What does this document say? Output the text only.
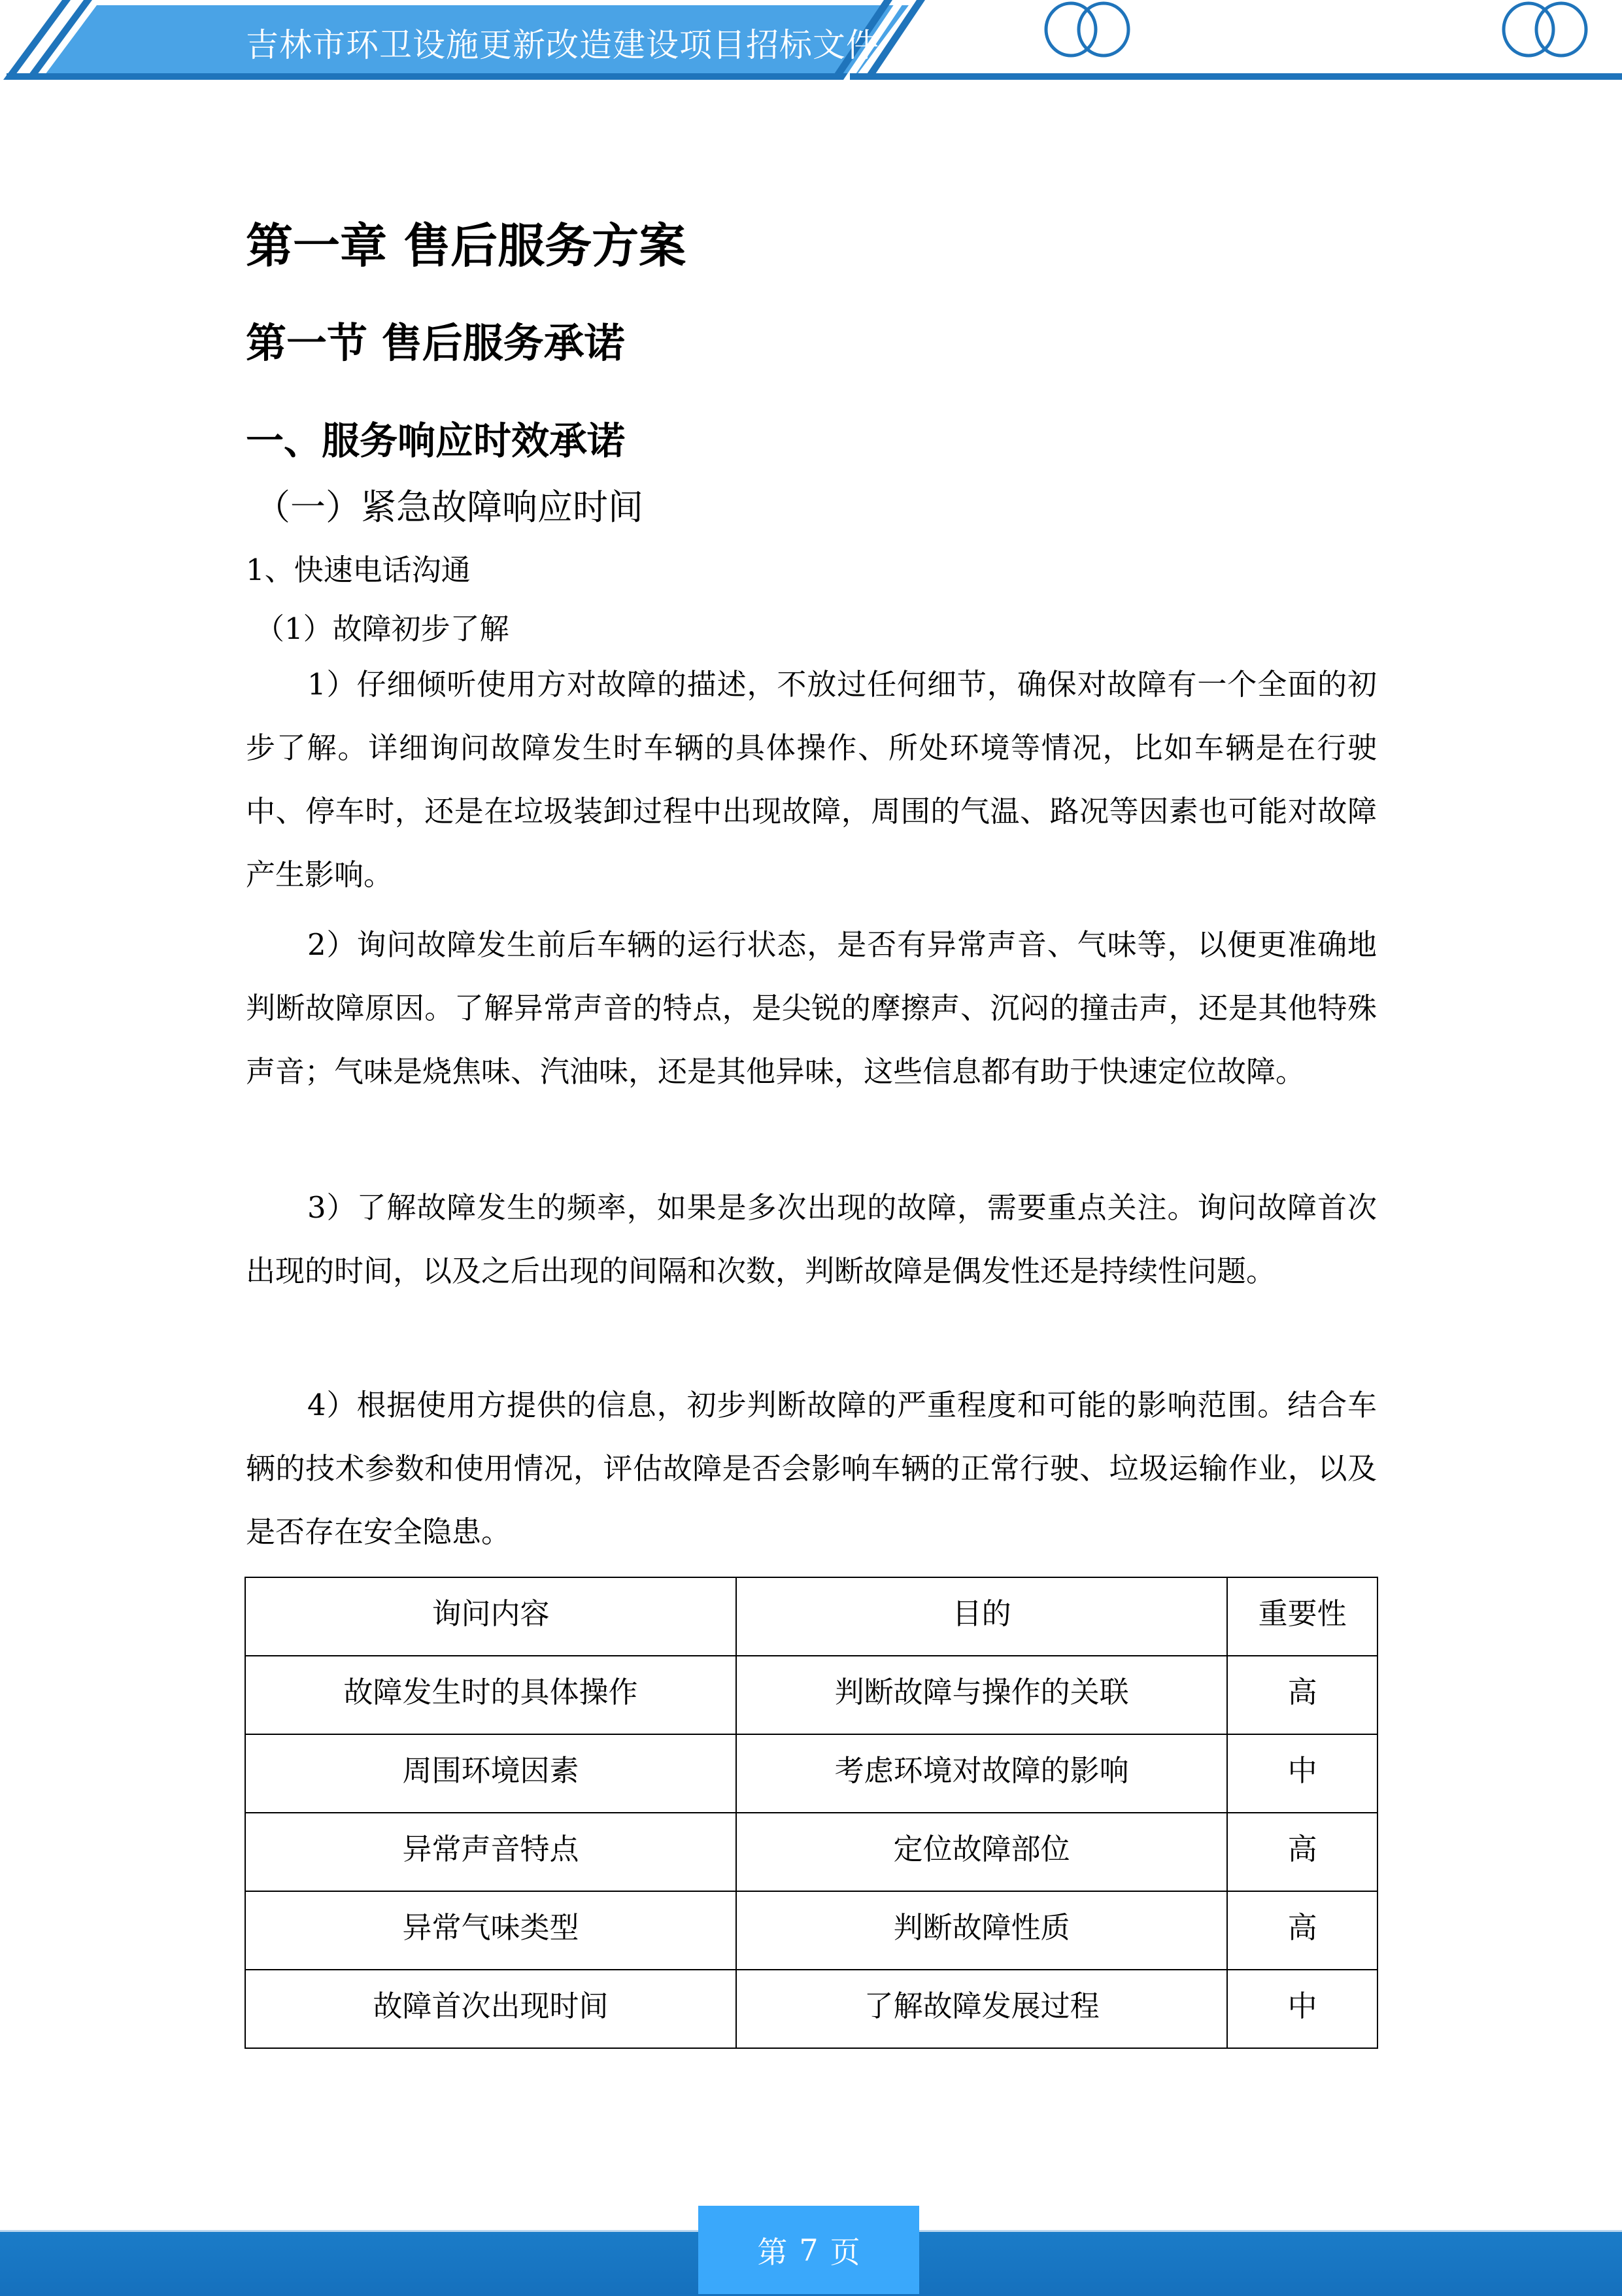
吉林市环卫设施更新改造建设项目招标文件
第一章 售后服务方案
第一节 售后服务承诺
一、服务响应时效承诺
（一）紧急故障响应时间
1、快速电话沟通
（1）故障初步了解

1）仔细倾听使用方对故障的描述，不放过任何细节，确保对故障有一个全面的初步了解。详细询问故障发生时车辆的具体操作、所处环境等情况，比如车辆是在行驶中、停车时，还是在垃圾装卸过程中出现故障，周围的气温、路况等因素也可能对故障产生影响。

2）询问故障发生前后车辆的运行状态，是否有异常声音、气味等，以便更准确地判断故障原因。了解异常声音的特点，是尖锐的摩擦声、沉闷的撞击声，还是其他特殊声音；气味是烧焦味、汽油味，还是其他异味，这些信息都有助于快速定位故障。

3）了解故障发生的频率，如果是多次出现的故障，需要重点关注。询问故障首次出现的时间，以及之后出现的间隔和次数，判断故障是偶发性还是持续性问题。

4）根据使用方提供的信息，初步判断故障的严重程度和可能的影响范围。结合车辆的技术参数和使用情况，评估故障是否会影响车辆的正常行驶、垃圾运输作业，以及是否存在安全隐患。

询问内容	目的	重要性
故障发生时的具体操作	判断故障与操作的关联	高
周围环境因素	考虑环境对故障的影响	中
异常声音特点	定位故障部位	高
异常气味类型	判断故障性质	高
故障首次出现时间	了解故障发展过程	中
第 7 页
